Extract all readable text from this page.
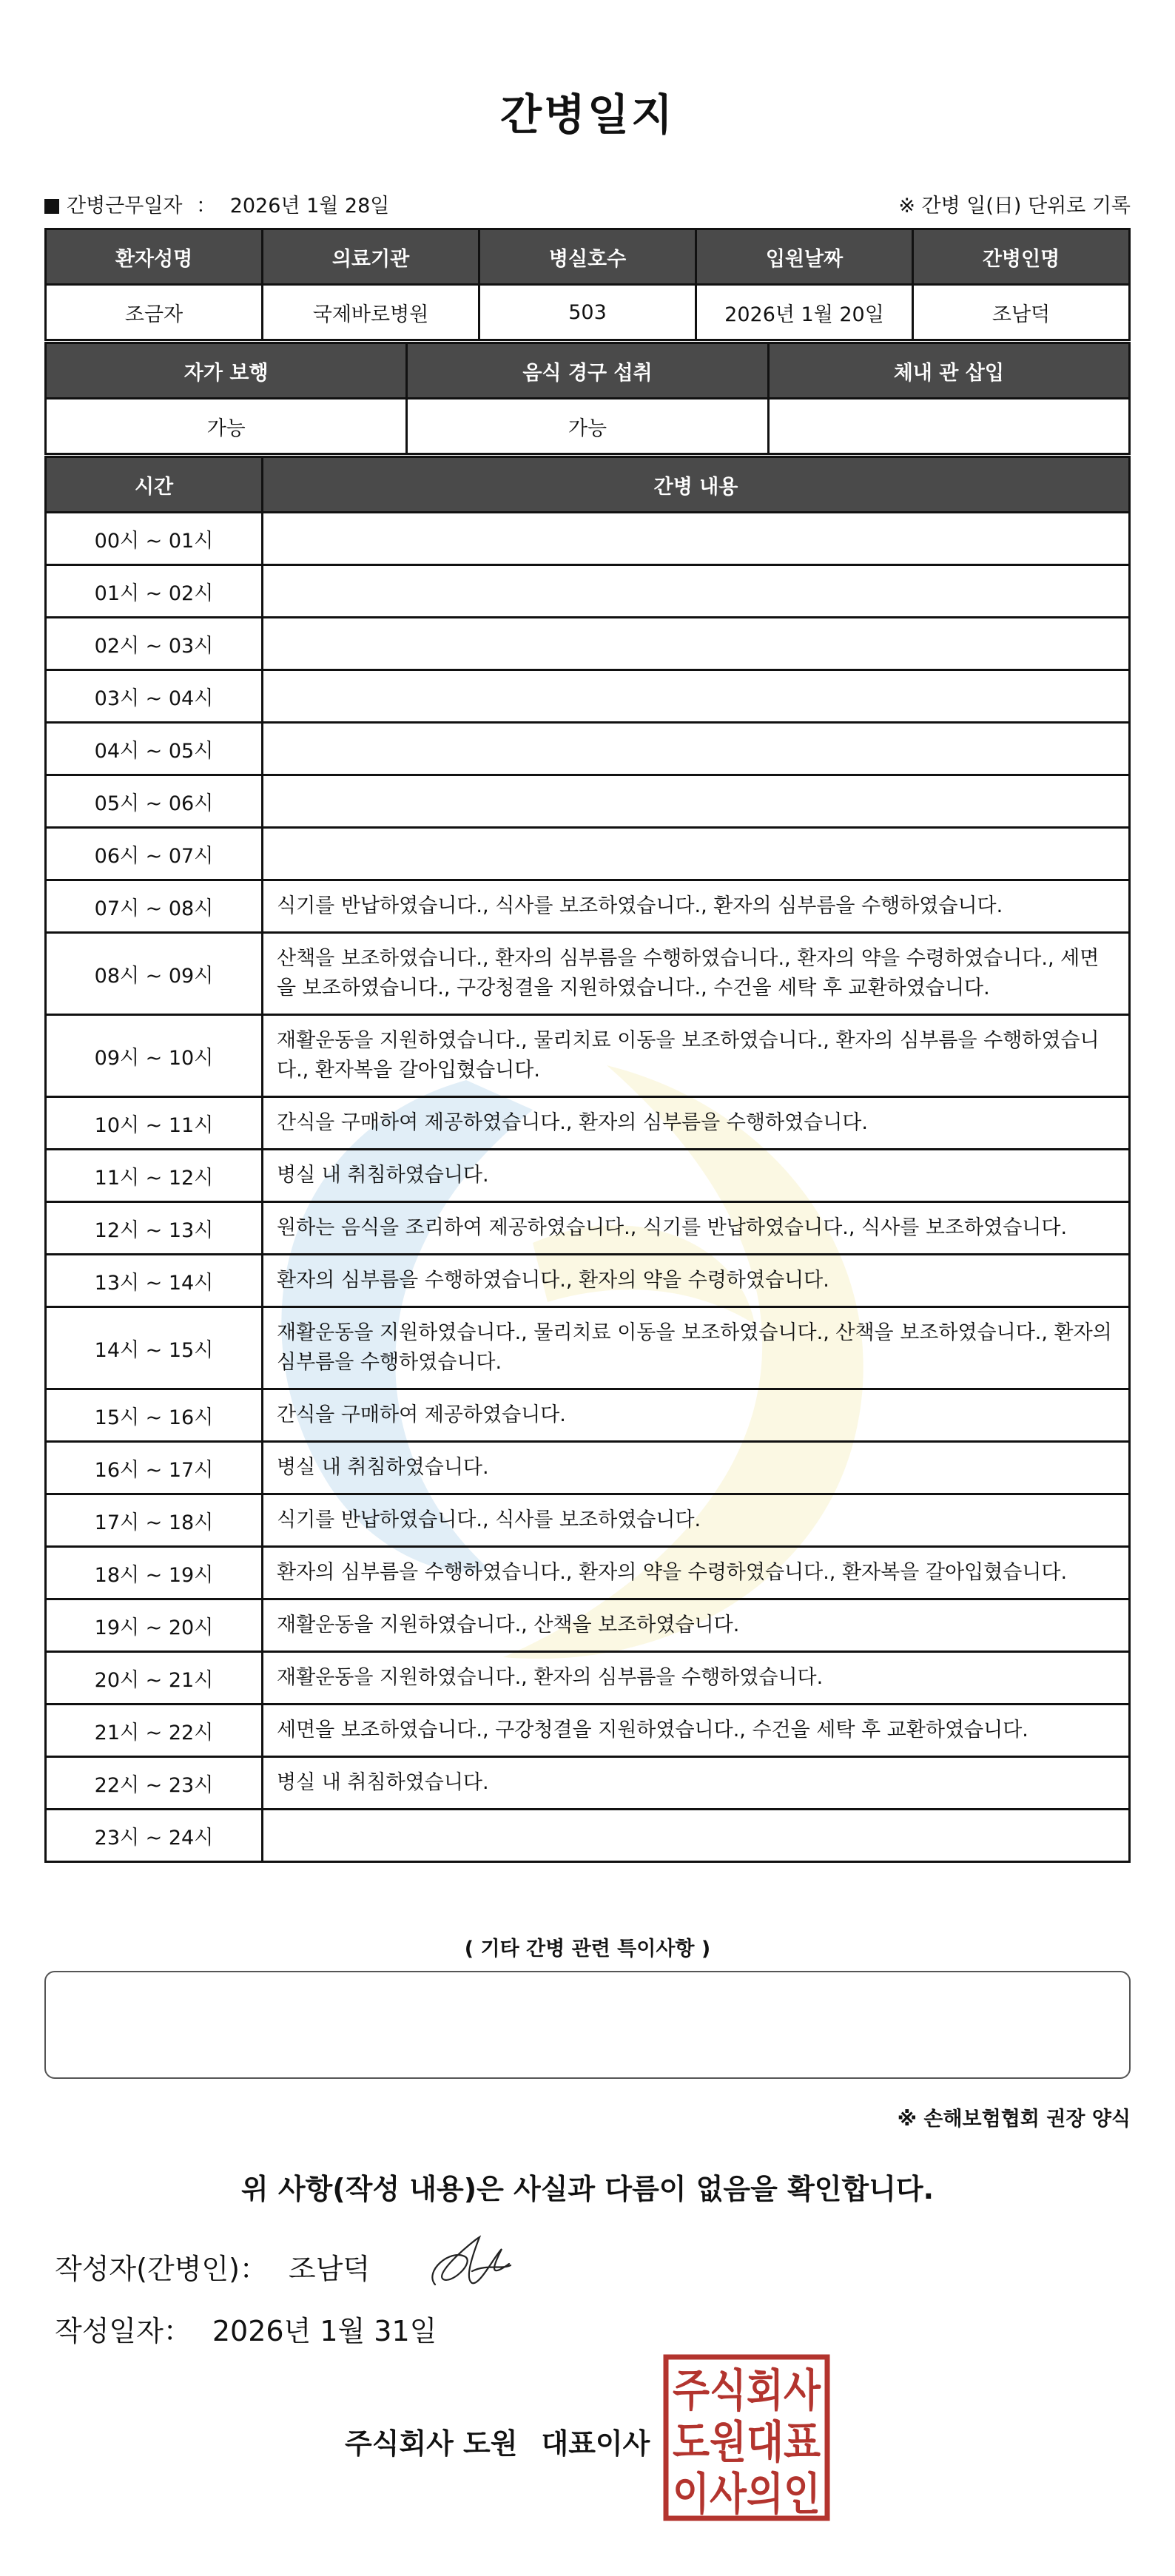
간병일지
간병근무일자 ： 2026년 1월 28일	※ 간병 일(日) 단위로 기록
환자성명	의료기관	병실호수	입원날짜	간병인명
조금자	국제바로병원	503	2026년 1월 20일	조남덕
자가 보행	음식 경구 섭취	체내 관 삽입
가능	가능	
시간	간병 내용
00시 ~ 01시	
01시 ~ 02시	
02시 ~ 03시	
03시 ~ 04시	
04시 ~ 05시	
05시 ~ 06시	
06시 ~ 07시	
07시 ~ 08시	식기를 반납하였습니다., 식사를 보조하였습니다., 환자의 심부름을 수행하였습니다.
08시 ~ 09시	산책을 보조하였습니다., 환자의 심부름을 수행하였습니다., 환자의 약을 수령하였습니다., 세면을 보조하였습니다., 구강청결을 지원하였습니다., 수건을 세탁 후 교환하였습니다.
09시 ~ 10시	재활운동을 지원하였습니다., 물리치료 이동을 보조하였습니다., 환자의 심부름을 수행하였습니다., 환자복을 갈아입혔습니다.
10시 ~ 11시	간식을 구매하여 제공하였습니다., 환자의 심부름을 수행하였습니다.
11시 ~ 12시	병실 내 취침하였습니다.
12시 ~ 13시	원하는 음식을 조리하여 제공하였습니다., 식기를 반납하였습니다., 식사를 보조하였습니다.
13시 ~ 14시	환자의 심부름을 수행하였습니다., 환자의 약을 수령하였습니다.
14시 ~ 15시	재활운동을 지원하였습니다., 물리치료 이동을 보조하였습니다., 산책을 보조하였습니다., 환자의 심부름을 수행하였습니다.
15시 ~ 16시	간식을 구매하여 제공하였습니다.
16시 ~ 17시	병실 내 취침하였습니다.
17시 ~ 18시	식기를 반납하였습니다., 식사를 보조하였습니다.
18시 ~ 19시	환자의 심부름을 수행하였습니다., 환자의 약을 수령하였습니다., 환자복을 갈아입혔습니다.
19시 ~ 20시	재활운동을 지원하였습니다., 산책을 보조하였습니다.
20시 ~ 21시	재활운동을 지원하였습니다., 환자의 심부름을 수행하였습니다.
21시 ~ 22시	세면을 보조하였습니다., 구강청결을 지원하였습니다., 수건을 세탁 후 교환하였습니다.
22시 ~ 23시	병실 내 취침하였습니다.
23시 ~ 24시	
( 기타 간병 관련 특이사항 )
※ 손해보험협회 권장 양식
위 사항(작성 내용)은 사실과 다름이 없음을 확인합니다.
작성자(간병인)： 조남덕
작성일자： 2026년 1월 31일
주식회사 도원 대표이사
주식회사
도원대표
이사의인
